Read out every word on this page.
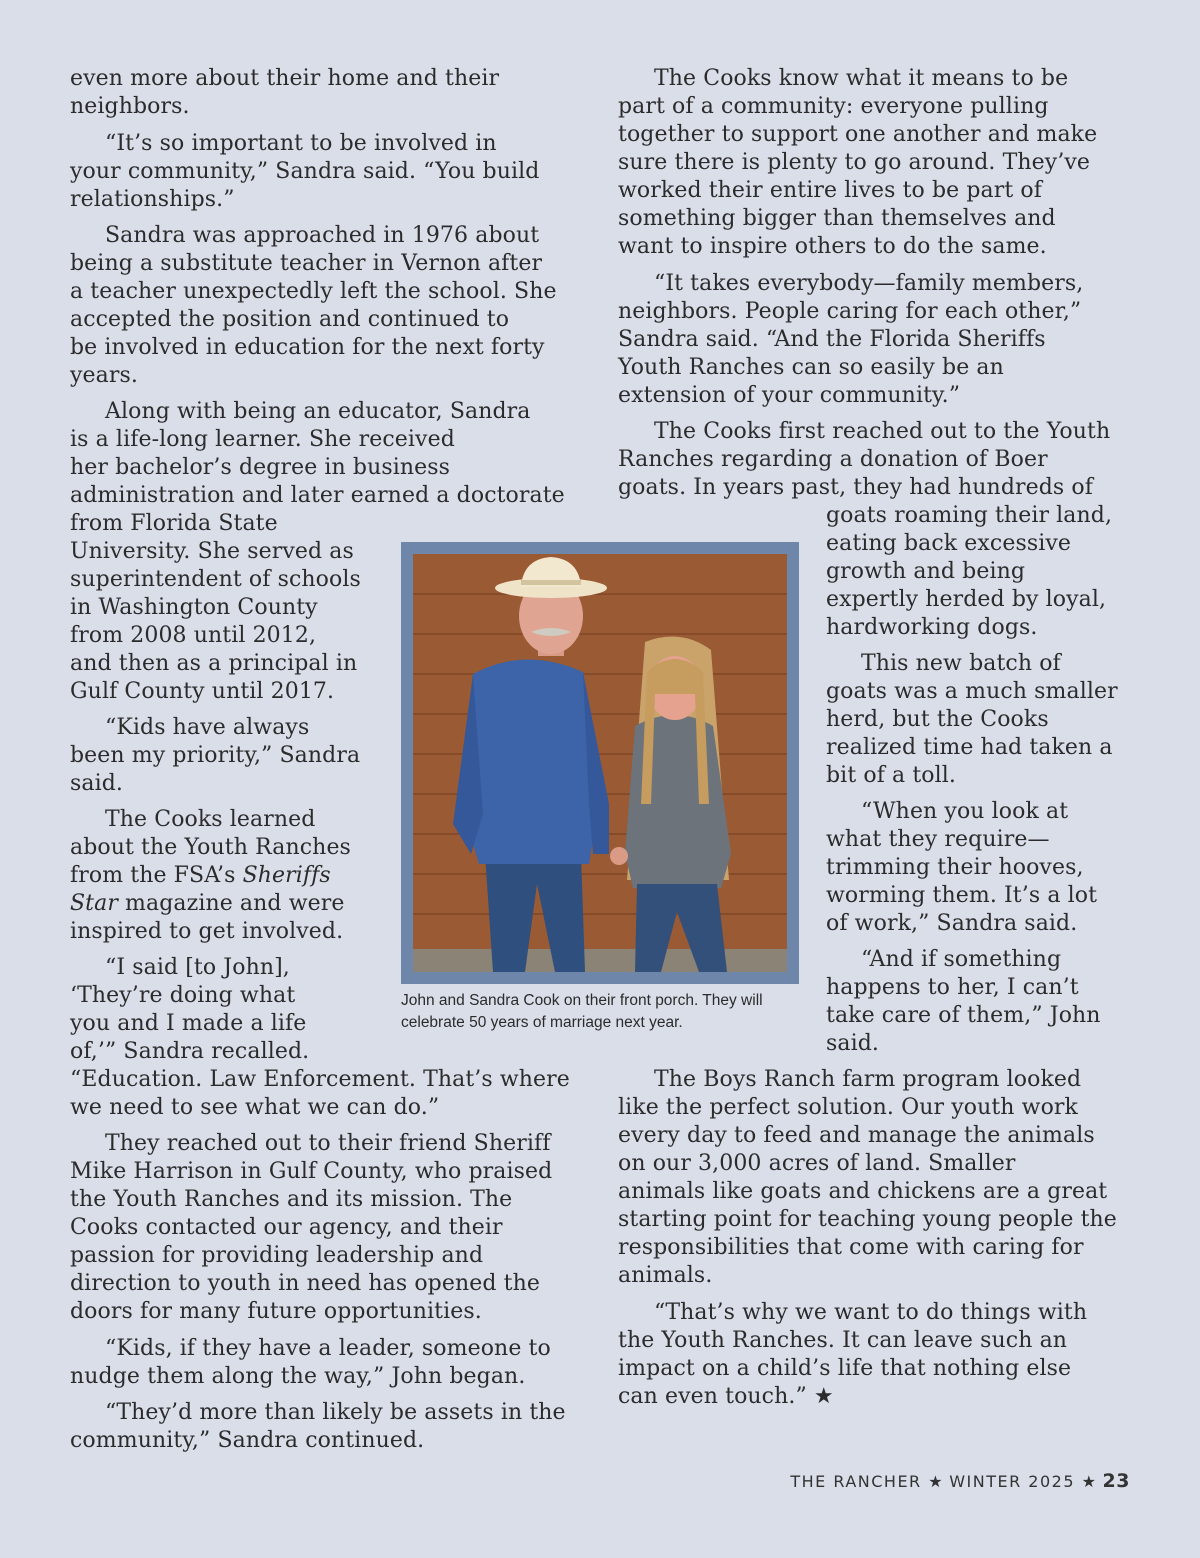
even more about their home and their
neighbors.
“It’s so important to be involved in
your community,” Sandra said. “You build
relationships.”
Sandra was approached in 1976 about
being a substitute teacher in Vernon after
a teacher unexpectedly left the school. She
accepted the position and continued to
be involved in education for the next forty
years.
Along with being an educator, Sandra
is a life-long learner. She received
her bachelor’s degree in business
administration and later earned a doctorate
from Florida State
University. She served as
superintendent of schools
in Washington County
from 2008 until 2012,
and then as a principal in
Gulf County until 2017.
“Kids have always
been my priority,” Sandra
said.
The Cooks learned
about the Youth Ranches
from the FSA’s Sheriffs
Star magazine and were
inspired to get involved.
“I said [to John],
‘They’re doing what
you and I made a life
of,’” Sandra recalled.
“Education. Law Enforcement. That’s where
we need to see what we can do.”
They reached out to their friend Sheriff
Mike Harrison in Gulf County, who praised
the Youth Ranches and its mission. The
Cooks contacted our agency, and their
passion for providing leadership and
direction to youth in need has opened the
doors for many future opportunities.
“Kids, if they have a leader, someone to
nudge them along the way,” John began.
“They’d more than likely be assets in the
community,” Sandra continued.
The Cooks know what it means to be
part of a community: everyone pulling
together to support one another and make
sure there is plenty to go around. They’ve
worked their entire lives to be part of
something bigger than themselves and
want to inspire others to do the same.
“It takes everybody—family members,
neighbors. People caring for each other,”
Sandra said. “And the Florida Sheriffs
Youth Ranches can so easily be an
extension of your community.”
The Cooks first reached out to the Youth
Ranches regarding a donation of Boer
goats. In years past, they had hundreds of
goats roaming their land,
eating back excessive
growth and being
expertly herded by loyal,
hardworking dogs.
This new batch of
goats was a much smaller
herd, but the Cooks
realized time had taken a
bit of a toll.
“When you look at
what they require—
trimming their hooves,
worming them. It’s a lot
of work,” Sandra said.
“And if something
happens to her, I can’t
take care of them,” John
said.
The Boys Ranch farm program looked
like the perfect solution. Our youth work
every day to feed and manage the animals
on our 3,000 acres of land. Smaller
animals like goats and chickens are a great
starting point for teaching young people the
responsibilities that come with caring for
animals.
“That’s why we want to do things with
the Youth Ranches. It can leave such an
impact on a child’s life that nothing else
can even touch.” ★
John and Sandra Cook on their front porch. They will
celebrate 50 years of marriage next year.
THE RANCHER ★ WINTER 2025 ★ 23
